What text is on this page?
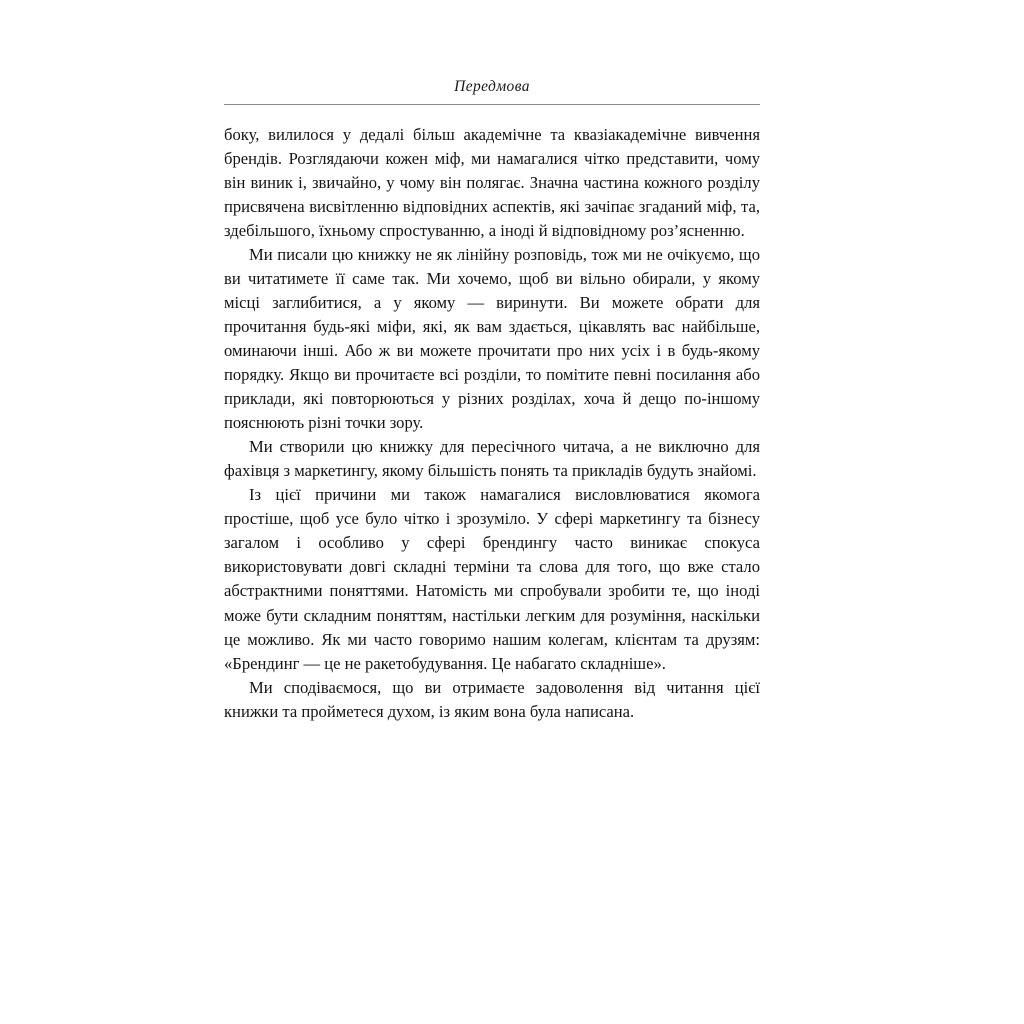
Передмова

боку, вилилося у дедалі більш академічне та квазіакадемічне вивчення брендів. Розглядаючи кожен міф, ми намагалися чітко представити, чому він виник і, звичайно, у чому він полягає. Значна частина кожного розділу присвячена висвітленню відповідних аспектів, які зачіпає згаданий міф, та, здебільшого, їхньому спростуванню, а іноді й відповідному роз’ясненню.

Ми писали цю книжку не як лінійну розповідь, тож ми не очікуємо, що ви читатимете її саме так. Ми хочемо, щоб ви вільно обирали, у якому місці заглибитися, а у якому — виринути. Ви можете обрати для прочитання будь-які міфи, які, як вам здається, цікавлять вас найбільше, оминаючи інші. Або ж ви можете прочитати про них усіх і в будь-якому порядку. Якщо ви прочитаєте всі розділи, то помітите певні посилання або приклади, які повторюються у різних розділах, хоча й дещо по-іншому пояснюють різні точки зору.

Ми створили цю книжку для пересічного читача, а не виключно для фахівця з маркетингу, якому більшість понять та прикладів будуть знайомі.

Із цієї причини ми також намагалися висловлюватися якомога простіше, щоб усе було чітко і зрозуміло. У сфері маркетингу та бізнесу загалом і особливо у сфері брендингу часто виникає спокуса використовувати довгі складні терміни та слова для того, що вже стало абстрактними поняттями. Натомість ми спробували зробити те, що іноді може бути складним поняттям, настільки легким для розуміння, наскільки це можливо. Як ми часто говоримо нашим колегам, клієнтам та друзям: «Брендинг — це не ракетобудування. Це набагато складніше».

Ми сподіваємося, що ви отримаєте задоволення від читання цієї книжки та пройметеся духом, із яким вона була написана.
